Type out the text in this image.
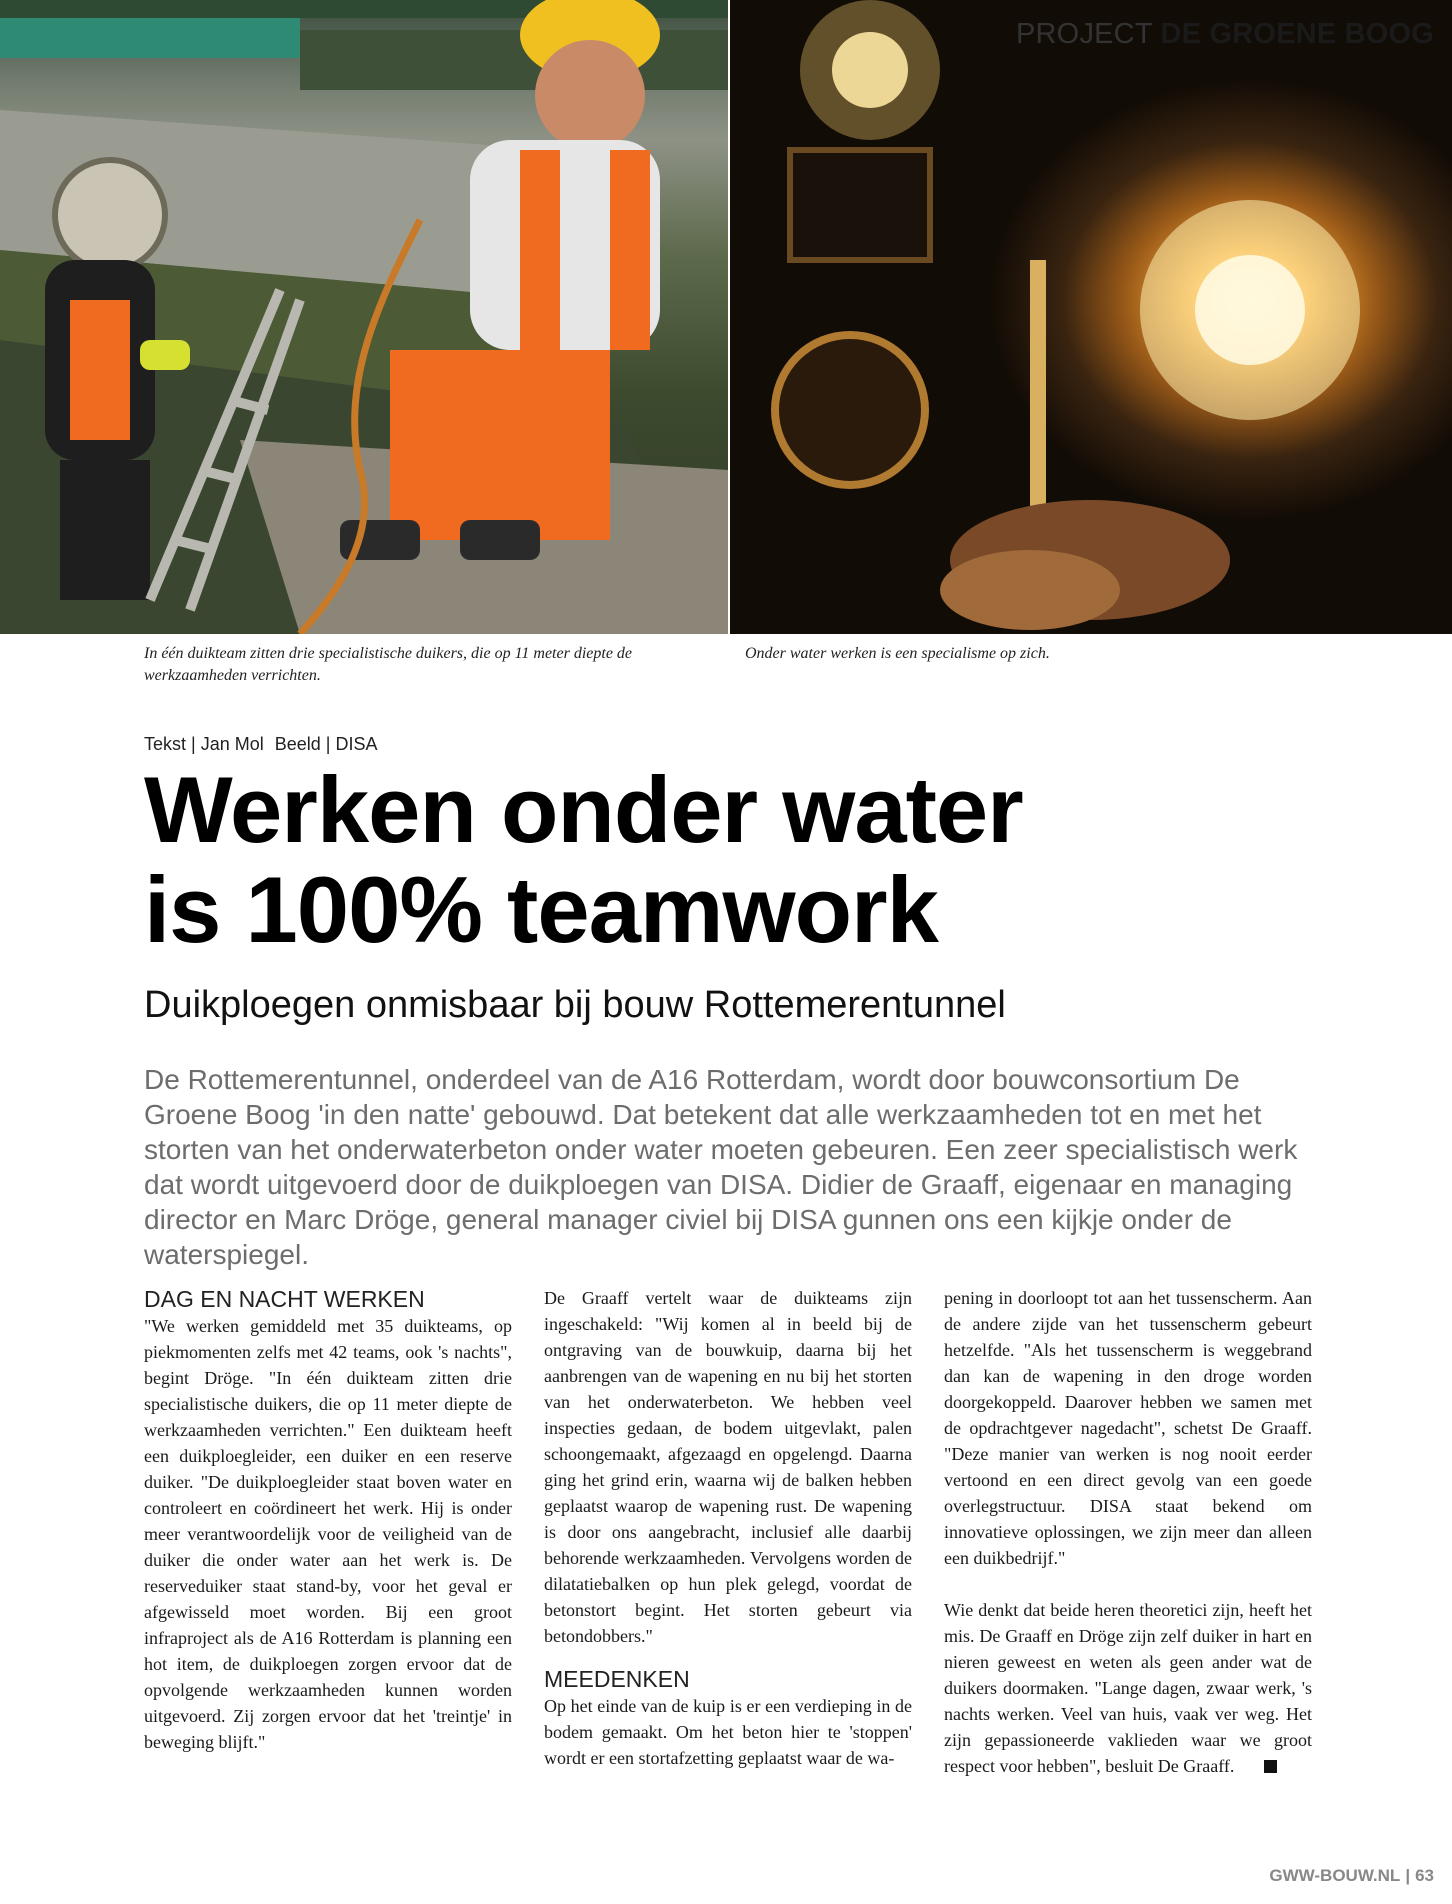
PROJECT DE GROENE BOOG
In één duikteam zitten drie specialistische duikers, die op 11 meter diepte de werkzaamheden verrichten.
Onder water werken is een specialisme op zich.
Tekst | Jan Mol Beeld | DISA
Werken onder water
is 100% teamwork
Duikploegen onmisbaar bij bouw Rottemerentunnel
De Rottemerentunnel, onderdeel van de A16 Rotterdam, wordt door bouwconsortium De Groene Boog 'in den natte' gebouwd. Dat betekent dat alle werkzaamheden tot en met het storten van het onderwaterbeton onder water moeten gebeuren. Een zeer specialistisch werk dat wordt uitgevoerd door de duikploegen van DISA. Didier de Graaff, eigenaar en managing director en Marc Dröge, general manager civiel bij DISA gunnen ons een kijkje onder de waterspiegel.
DAG EN NACHT WERKEN

"We werken gemiddeld met 35 duikteams, op piekmomenten zelfs met 42 teams, ook 's nachts", begint Dröge. "In één duikteam zitten drie specialistische duikers, die op 11 meter diepte de werkzaamheden verrichten." Een duikteam heeft een duikploegleider, een duiker en een reserve duiker. "De duikploegleider staat boven water en controleert en coördineert het werk. Hij is onder meer verantwoordelijk voor de veiligheid van de duiker die onder water aan het werk is. De reserveduiker staat stand-by, voor het geval er afgewisseld moet worden. Bij een groot infraproject als de A16 Rotterdam is planning een hot item, de duikploegen zorgen ervoor dat de opvolgende werkzaamheden kunnen worden uitgevoerd. Zij zorgen ervoor dat het 'treintje' in beweging blijft."

De Graaff vertelt waar de duikteams zijn ingeschakeld: "Wij komen al in beeld bij de ontgraving van de bouwkuip, daarna bij het aanbrengen van de wapening en nu bij het storten van het onderwaterbeton. We hebben veel inspecties gedaan, de bodem uitgevlakt, palen schoongemaakt, afgezaagd en opgelengd. Daarna ging het grind erin, waarna wij de balken hebben geplaatst waarop de wapening rust. De wapening is door ons aangebracht, inclusief alle daarbij behorende werkzaamheden. Vervolgens worden de dilatatiebalken op hun plek gelegd, voordat de betonstort begint. Het storten gebeurt via betondobbers."

MEEDENKEN

Op het einde van de kuip is er een verdieping in de bodem gemaakt. Om het beton hier te 'stoppen' wordt er een stortafzetting geplaatst waar de wa-

pening in doorloopt tot aan het tussenscherm. Aan de andere zijde van het tussenscherm gebeurt hetzelfde. "Als het tussenscherm is weggebrand dan kan de wapening in den droge worden doorgekoppeld. Daarover hebben we samen met de opdrachtgever nagedacht", schetst De Graaff. "Deze manier van werken is nog nooit eerder vertoond en een direct gevolg van een goede overlegstructuur. DISA staat bekend om innovatieve oplossingen, we zijn meer dan alleen een duikbedrijf."

Wie denkt dat beide heren theoretici zijn, heeft het mis. De Graaff en Dröge zijn zelf duiker in hart en nieren geweest en weten als geen ander wat de duikers doormaken. "Lange dagen, zwaar werk, 's nachts werken. Veel van huis, vaak ver weg. Het zijn gepassioneerde vaklieden waar we groot respect voor hebben", besluit De Graaff.

GWW-BOUW.NL | 63
